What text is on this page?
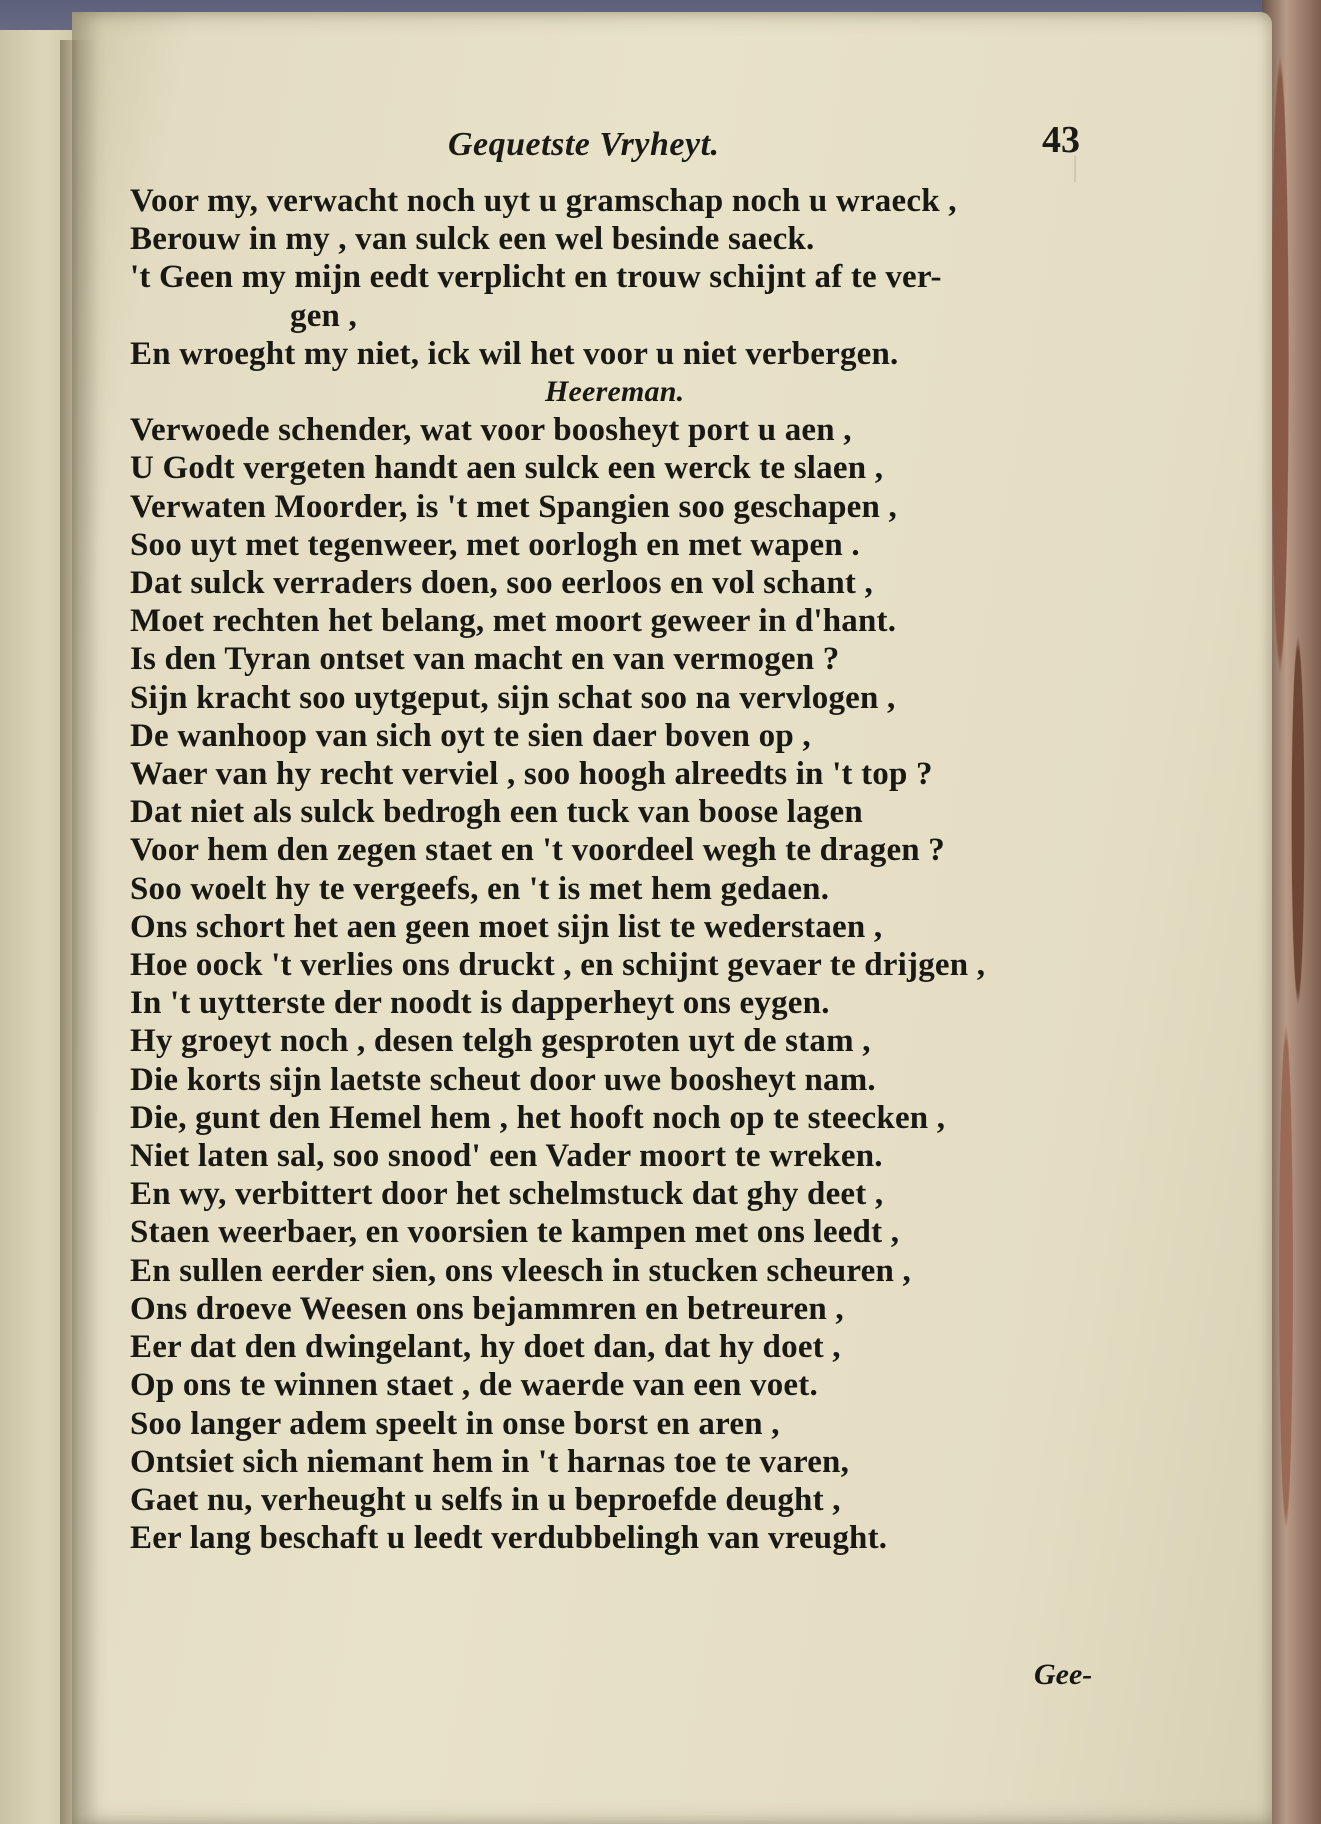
|
Gequetste Vryheyt.	43
Voor my, verwacht noch uyt u gramschap noch u wraeck ,
Berouw in my , van sulck een wel besinde saeck.
't Geen my mijn eedt verplicht en trouw schijnt af te ver-
gen ,
En wroeght my niet, ick wil het voor u niet verbergen.
Heereman.
Verwoede schender, wat voor boosheyt port u aen ,
U Godt vergeten handt aen sulck een werck te slaen ,
Verwaten Moorder, is 't met Spangien soo geschapen ,
Soo uyt met tegenweer, met oorlogh en met wapen .
Dat sulck verraders doen, soo eerloos en vol schant ,
Moet rechten het belang, met moort geweer in d'hant.
Is den Tyran ontset van macht en van vermogen ?
Sijn kracht soo uytgeput, sijn schat soo na vervlogen ,
De wanhoop van sich oyt te sien daer boven op ,
Waer van hy recht verviel , soo hoogh alreedts in 't top ?
Dat niet als sulck bedrogh een tuck van boose lagen
Voor hem den zegen staet en 't voordeel wegh te dragen ?
Soo woelt hy te vergeefs, en 't is met hem gedaen.
Ons schort het aen geen moet sijn list te wederstaen ,
Hoe oock 't verlies ons druckt , en schijnt gevaer te drijgen ,
In 't uytterste der noodt is dapperheyt ons eygen.
Hy groeyt noch , desen telgh gesproten uyt de stam ,
Die korts sijn laetste scheut door uwe boosheyt nam.
Die, gunt den Hemel hem , het hooft noch op te steecken ,
Niet laten sal, soo snood' een Vader moort te wreken.
En wy, verbittert door het schelmstuck dat ghy deet ,
Staen weerbaer, en voorsien te kampen met ons leedt ,
En sullen eerder sien, ons vleesch in stucken scheuren ,
Ons droeve Weesen ons bejammren en betreuren ,
Eer dat den dwingelant, hy doet dan, dat hy doet ,
Op ons te winnen staet , de waerde van een voet.
Soo langer adem speelt in onse borst en aren ,
Ontsiet sich niemant hem in 't harnas toe te varen,
Gaet nu, verheught u selfs in u beproefde deught ,
Eer lang beschaft u leedt verdubbelingh van vreught.
Gee-
